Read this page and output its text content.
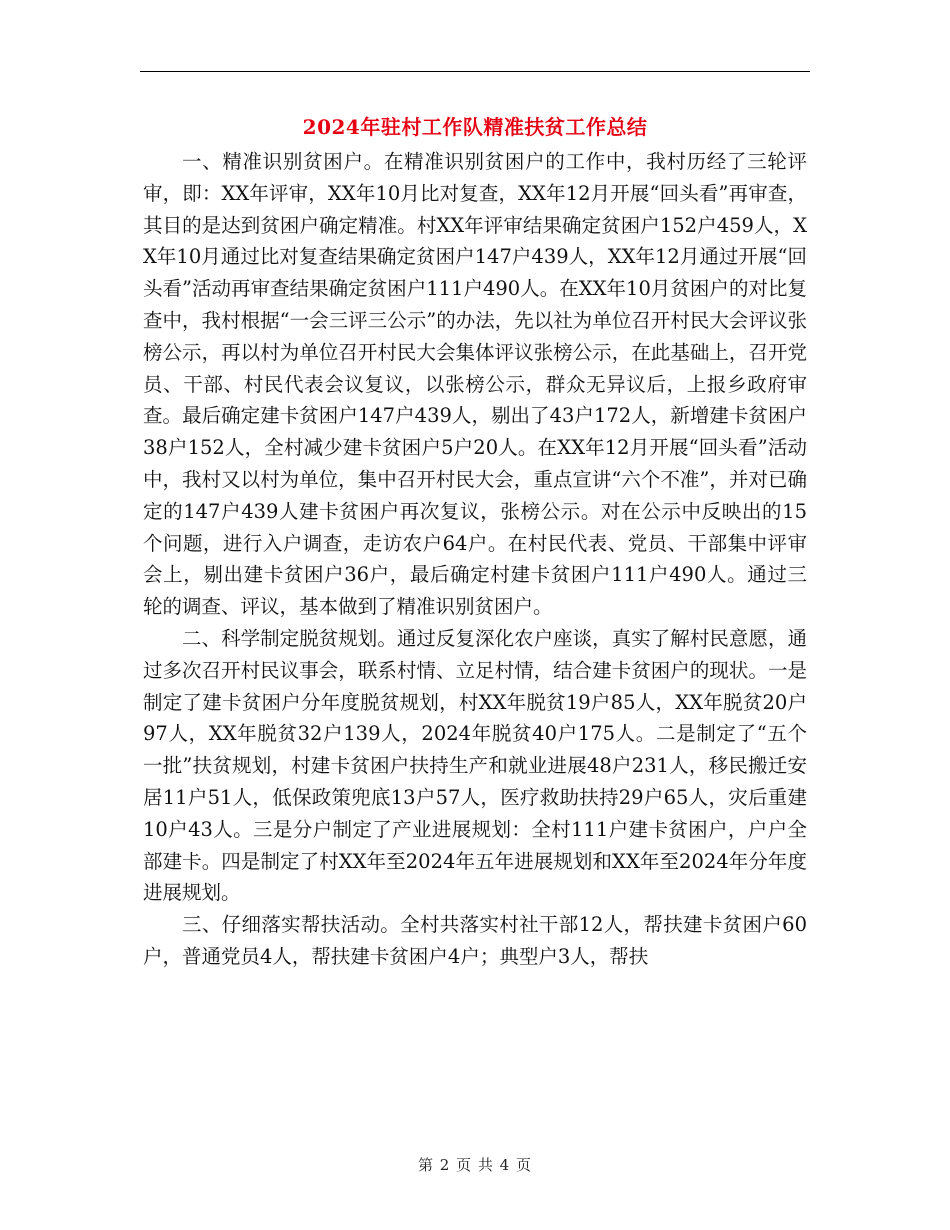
2024年驻村工作队精准扶贫工作总结

一、精准识别贫困户。在精准识别贫困户的工作中，我村历经了三轮评审，即：XX年评审，XX年10月比对复查，XX年12月开展“回头看”再审查，其目的是达到贫困户确定精准。村XX年评审结果确定贫困户152户459人，XX年10月通过比对复查结果确定贫困户147户439人，XX年12月通过开展“回头看”活动再审查结果确定贫困户111户490人。在XX年10月贫困户的对比复查中，我村根据“一会三评三公示”的办法，先以社为单位召开村民大会评议张榜公示，再以村为单位召开村民大会集体评议张榜公示，在此基础上，召开党员、干部、村民代表会议复议，以张榜公示，群众无异议后，上报乡政府审查。最后确定建卡贫困户147户439人，剔出了43户172人，新增建卡贫困户38户152人，全村减少建卡贫困户5户20人。在XX年12月开展“回头看”活动中，我村又以村为单位，集中召开村民大会，重点宣讲“六个不准”，并对已确定的147户439人建卡贫困户再次复议，张榜公示。对在公示中反映出的15个问题，进行入户调查，走访农户64户。在村民代表、党员、干部集中评审会上，剔出建卡贫困户36户，最后确定村建卡贫困户111户490人。通过三轮的调查、评议，基本做到了精准识别贫困户。

二、科学制定脱贫规划。通过反复深化农户座谈，真实了解村民意愿，通过多次召开村民议事会，联系村情、立足村情，结合建卡贫困户的现状。一是制定了建卡贫困户分年度脱贫规划，村XX年脱贫19户85人，XX年脱贫20户97人，XX年脱贫32户139人，2024年脱贫40户175人。二是制定了“五个一批”扶贫规划，村建卡贫困户扶持生产和就业进展48户231人，移民搬迁安居11户51人，低保政策兜底13户57人，医疗救助扶持29户65人，灾后重建10户43人。三是分户制定了产业进展规划：全村111户建卡贫困户，户户全部建卡。四是制定了村XX年至2024年五年进展规划和XX年至2024年分年度进展规划。

三、仔细落实帮扶活动。全村共落实村社干部12人，帮扶建卡贫困户60户，普通党员4人，帮扶建卡贫困户4户；典型户3人，帮扶

第 2 页 共 4 页
